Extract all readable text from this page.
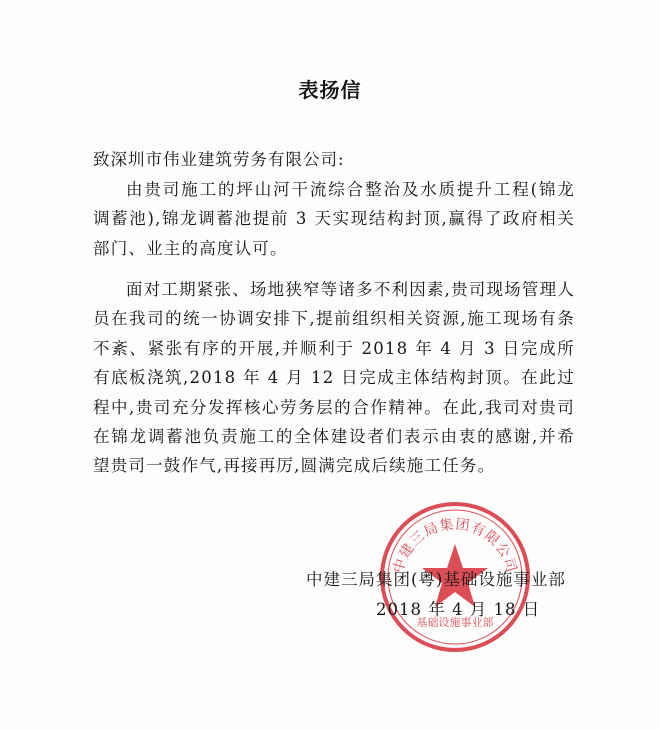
表扬信
致深圳市伟业建筑劳务有限公司:

由贵司施工的坪山河干流综合整治及水质提升工程(锦龙调蓄池),锦龙调蓄池提前 3 天实现结构封顶,赢得了政府相关部门、业主的高度认可。

面对工期紧张、场地狭窄等诸多不利因素,贵司现场管理人员在我司的统一协调安排下,提前组织相关资源,施工现场有条不紊、紧张有序的开展,并顺利于 2018 年 4 月 3 日完成所有底板浇筑,2018 年 4 月 12 日完成主体结构封顶。在此过程中,贵司充分发挥核心劳务层的合作精神。在此,我司对贵司在锦龙调蓄池负责施工的全体建设者们表示由衷的感谢,并希望贵司一鼓作气,再接再厉,圆满完成后续施工任务。

中建三局集团有限公司
基础设施事业部
中建三局集团(粤)基础设施事业部
2018 年 4 月 18 日
